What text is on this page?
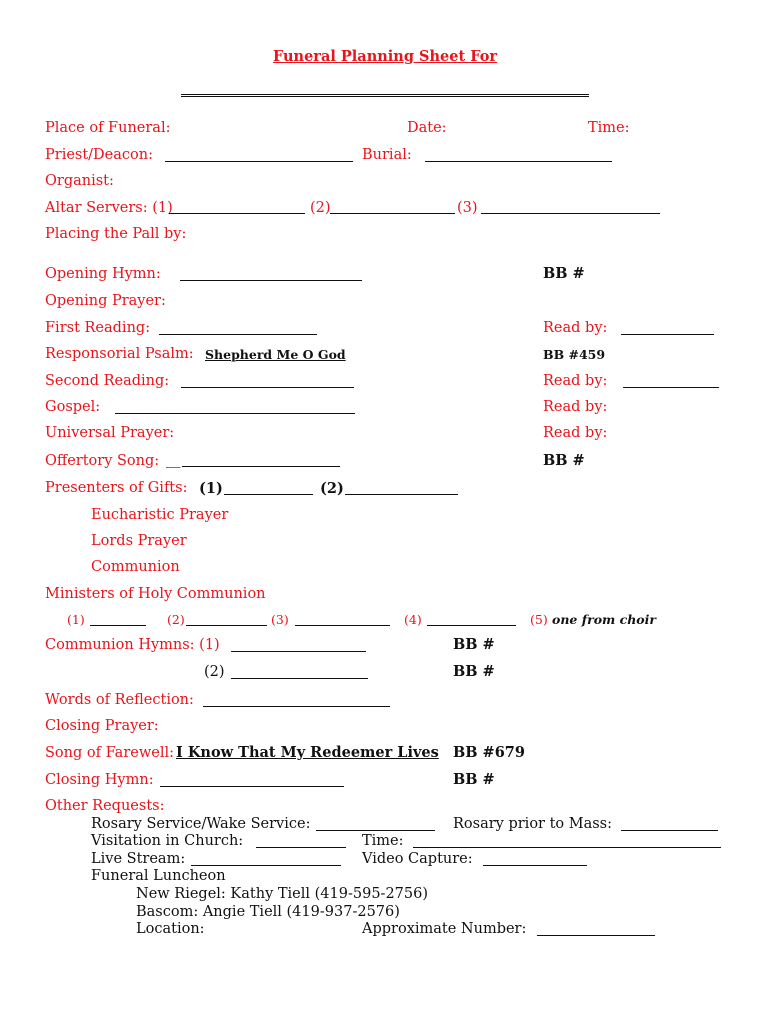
Funeral Planning Sheet For
Place of Funeral:	Date:	Time:
Priest/Deacon:	Burial:
Organist:
Altar Servers: (1)	(2)	(3)
Placing the Pall by:
Opening Hymn:	BB #
Opening Prayer:
First Reading:	Read by:
Responsorial Psalm: Shepherd Me O God	BB #459
Second Reading:	Read by:
Gospel:	Read by:
Universal Prayer:	Read by:
Offertory Song: __	BB #
Presenters of Gifts: (1)	(2)
Eucharistic Prayer
Lords Prayer
Communion
Ministers of Holy Communion
(1)	(2)	(3)	(4)	(5) one from choir
Communion Hymns: (1)	BB #
(2)	BB #
Words of Reflection:
Closing Prayer:
Song of Farewell: I Know That My Redeemer Lives BB #679
Closing Hymn:	BB #
Other Requests:
Rosary Service/Wake Service:	Rosary prior to Mass:
Visitation in Church:	Time:
Live Stream:	Video Capture:
Funeral Luncheon
New Riegel: Kathy Tiell (419-595-2756)
Bascom: Angie Tiell (419-937-2576)
Location:	Approximate Number:
